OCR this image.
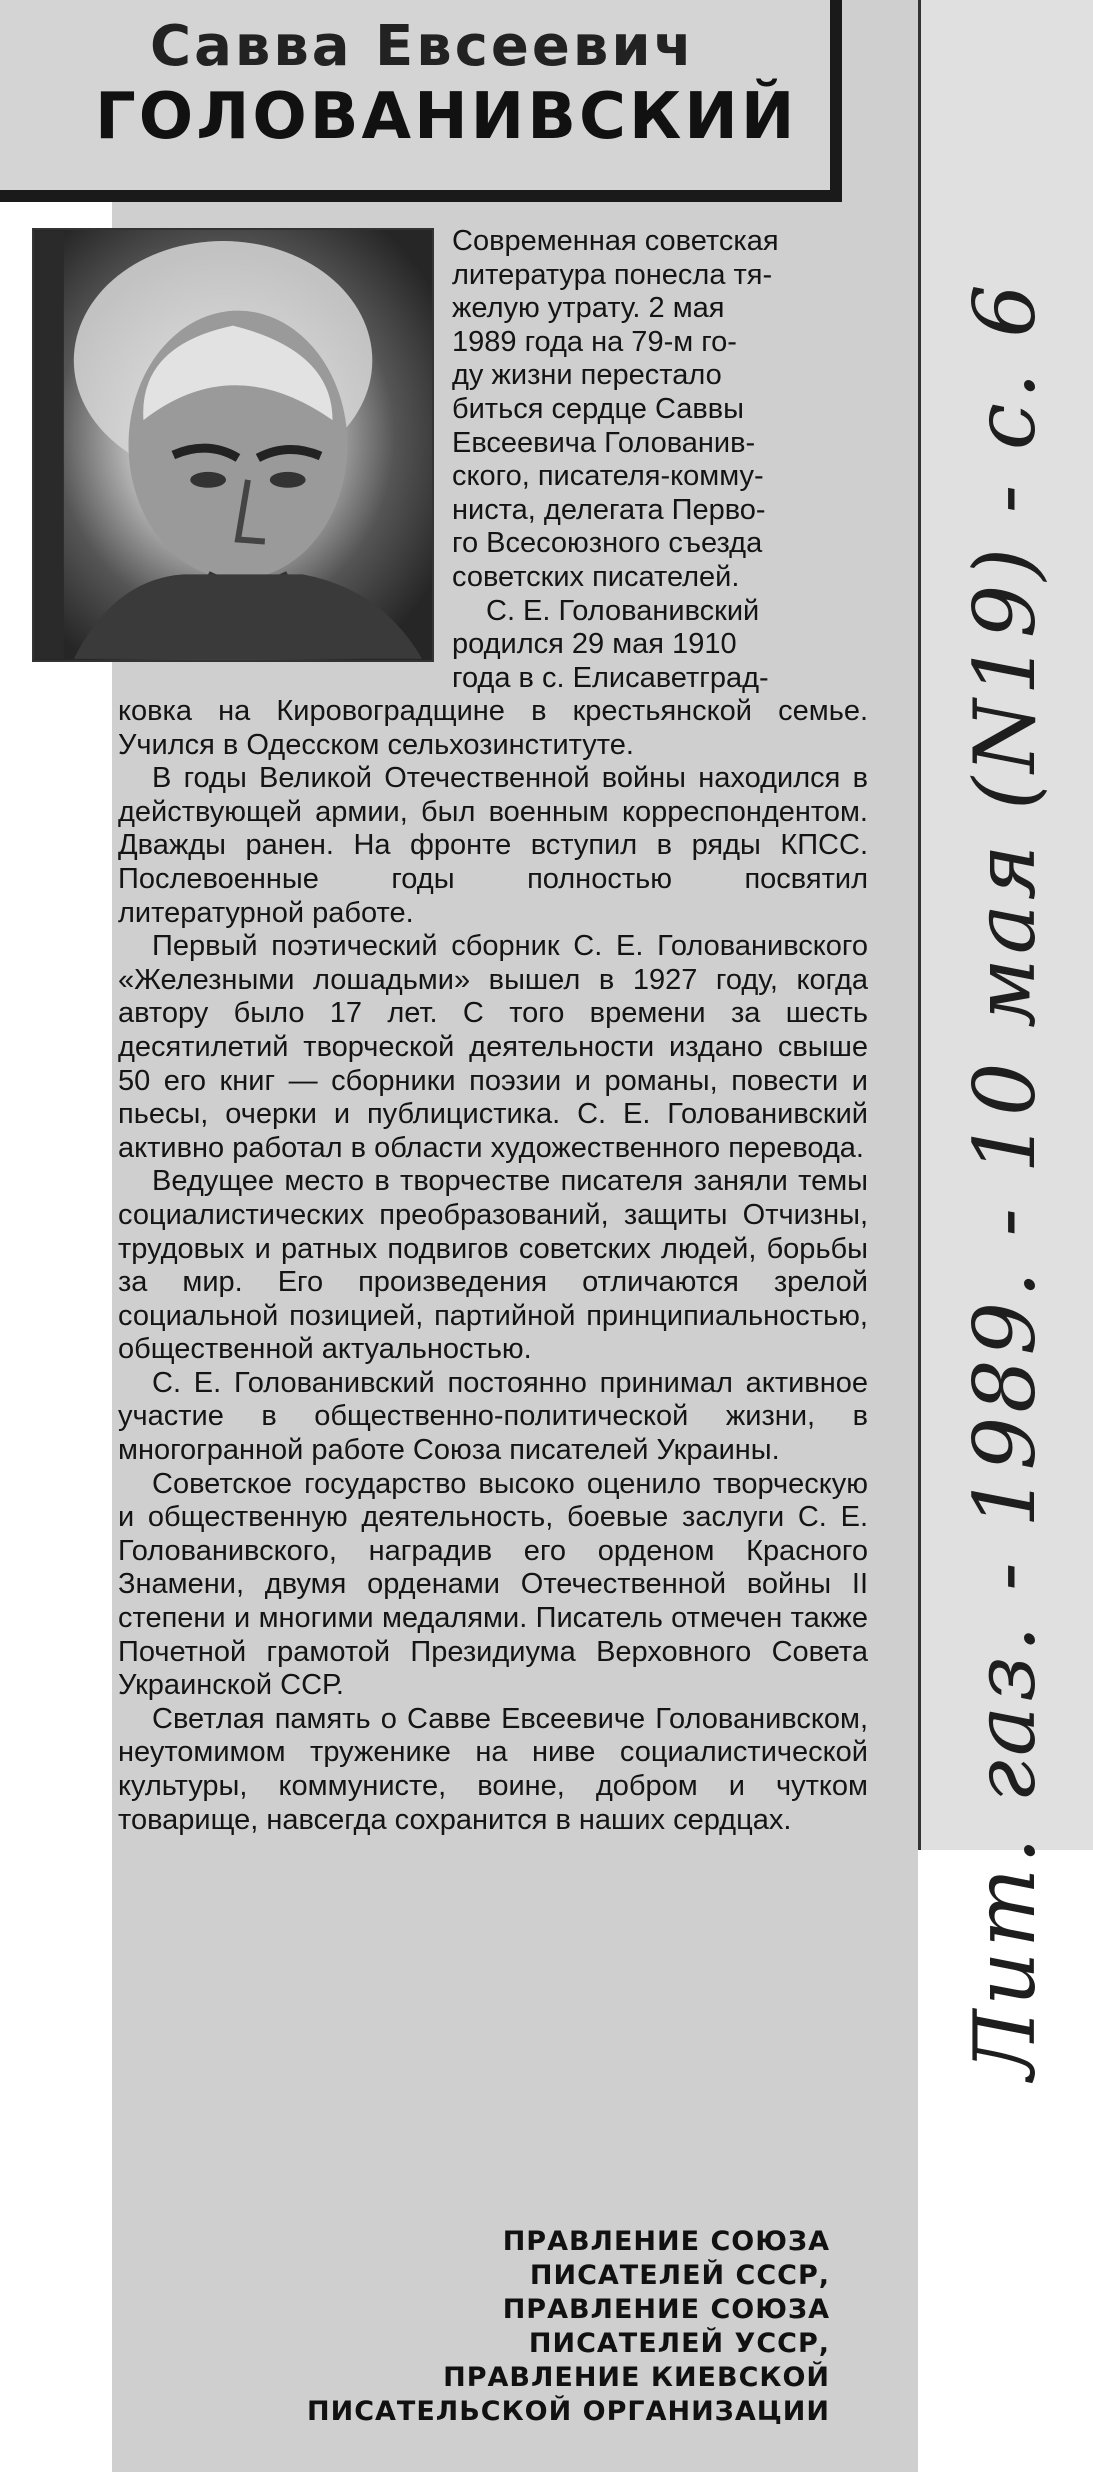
Савва Евсеевич
ГОЛОВАНИВСКИЙ

Современная советская

литература понесла тя-

желую утрату. 2 мая

1989 года на 79-м го-

ду жизни перестало

биться сердце Саввы

Евсеевича Голованив-

ского, писателя-комму-

ниста, делегата Перво-

го Всесоюзного съезда

советских писателей.

С. Е. Голованивский

родился 29 мая 1910

года в с. Елисаветград-

ковка на Кировоградщине в крестьянской семье. Учился в Одесском сельхозинституте.

В годы Великой Отечественной войны находился в действующей армии, был военным корреспондентом. Дважды ранен. На фронте вступил в ряды КПСС. Послевоенные годы полностью посвятил литературной работе.

Первый поэтический сборник С. Е. Голованивского «Железными лошадьми» вышел в 1927 году, когда автору было 17 лет. С того времени за шесть десятилетий творческой деятельности издано свыше 50 его книг — сборники поэзии и романы, повести и пьесы, очерки и публицистика. С. Е. Голованивский активно работал в области художественного перевода.

Ведущее место в творчестве писателя заняли темы социалистических преобразований, защиты Отчизны, трудовых и ратных подвигов советских людей, борьбы за мир. Его произведения отличаются зрелой социальной позицией, партийной принципиальностью, общественной актуальностью.

С. Е. Голованивский постоянно принимал активное участие в общественно-политической жизни, в многогранной работе Союза писателей Украины.

Советское государство высоко оценило творческую и общественную деятельность, боевые заслуги С. Е. Голованивского, наградив его орденом Красного Знамени, двумя орденами Отечественной войны II степени и многими медалями. Писатель отмечен также Почетной грамотой Президиума Верховного Совета Украинской ССР.

Светлая память о Савве Евсеевиче Голованивском, неутомимом труженике на ниве социалистической культуры, коммунисте, воине, добром и чутком товарище, навсегда сохранится в наших сердцах.

ПРАВЛЕНИЕ СОЮЗА
ПИСАТЕЛЕЙ СССР,
ПРАВЛЕНИЕ СОЮЗА
ПИСАТЕЛЕЙ УССР,
ПРАВЛЕНИЕ КИЕВСКОЙ
ПИСАТЕЛЬСКОЙ ОРГАНИЗАЦИИ
Лит. газ. - 1989. - 10 мая (N19) - с. 6
